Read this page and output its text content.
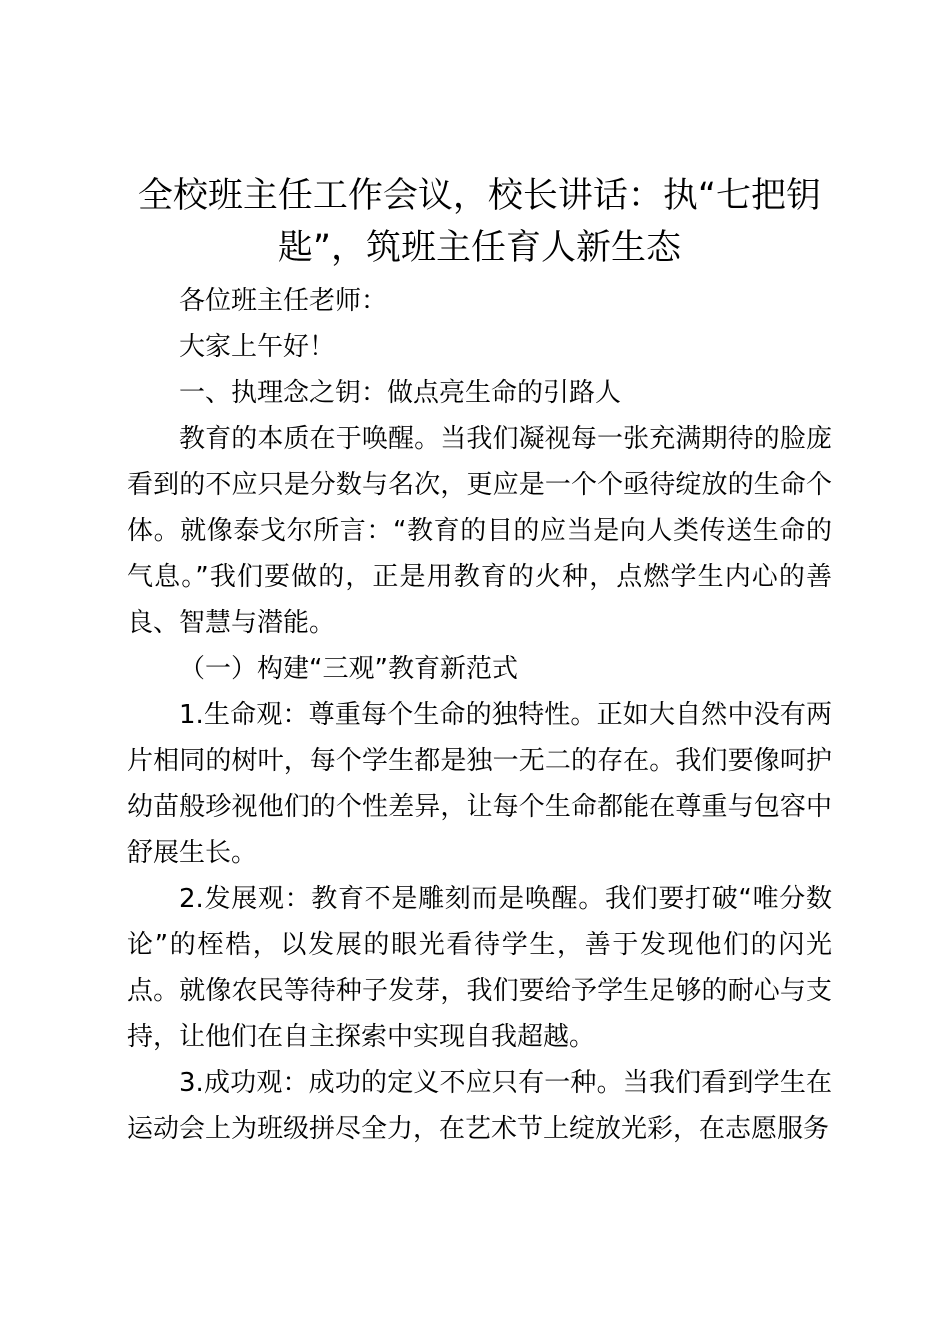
全校班主任工作会议，校长讲话：执“七把钥匙”，筑班主任育人新生态

各位班主任老师：

大家上午好！

一、执理念之钥：做点亮生命的引路人

教育的本质在于唤醒。当我们凝视每一张充满期待的脸庞看到的不应只是分数与名次，更应是一个个亟待绽放的生命个体。就像泰戈尔所言：“教育的目的应当是向人类传送生命的气息。”我们要做的，正是用教育的火种，点燃学生内心的善良、智慧与潜能。

（一）构建“三观”教育新范式

1.生命观：尊重每个生命的独特性。正如大自然中没有两片相同的树叶，每个学生都是独一无二的存在。我们要像呵护幼苗般珍视他们的个性差异，让每个生命都能在尊重与包容中舒展生长。

2.发展观：教育不是雕刻而是唤醒。我们要打破“唯分数论”的桎梏，以发展的眼光看待学生，善于发现他们的闪光点。就像农民等待种子发芽，我们要给予学生足够的耐心与支持，让他们在自主探索中实现自我超越。

3.成功观：成功的定义不应只有一种。当我们看到学生在运动会上为班级拼尽全力，在艺术节上绽放光彩，在志愿服务
